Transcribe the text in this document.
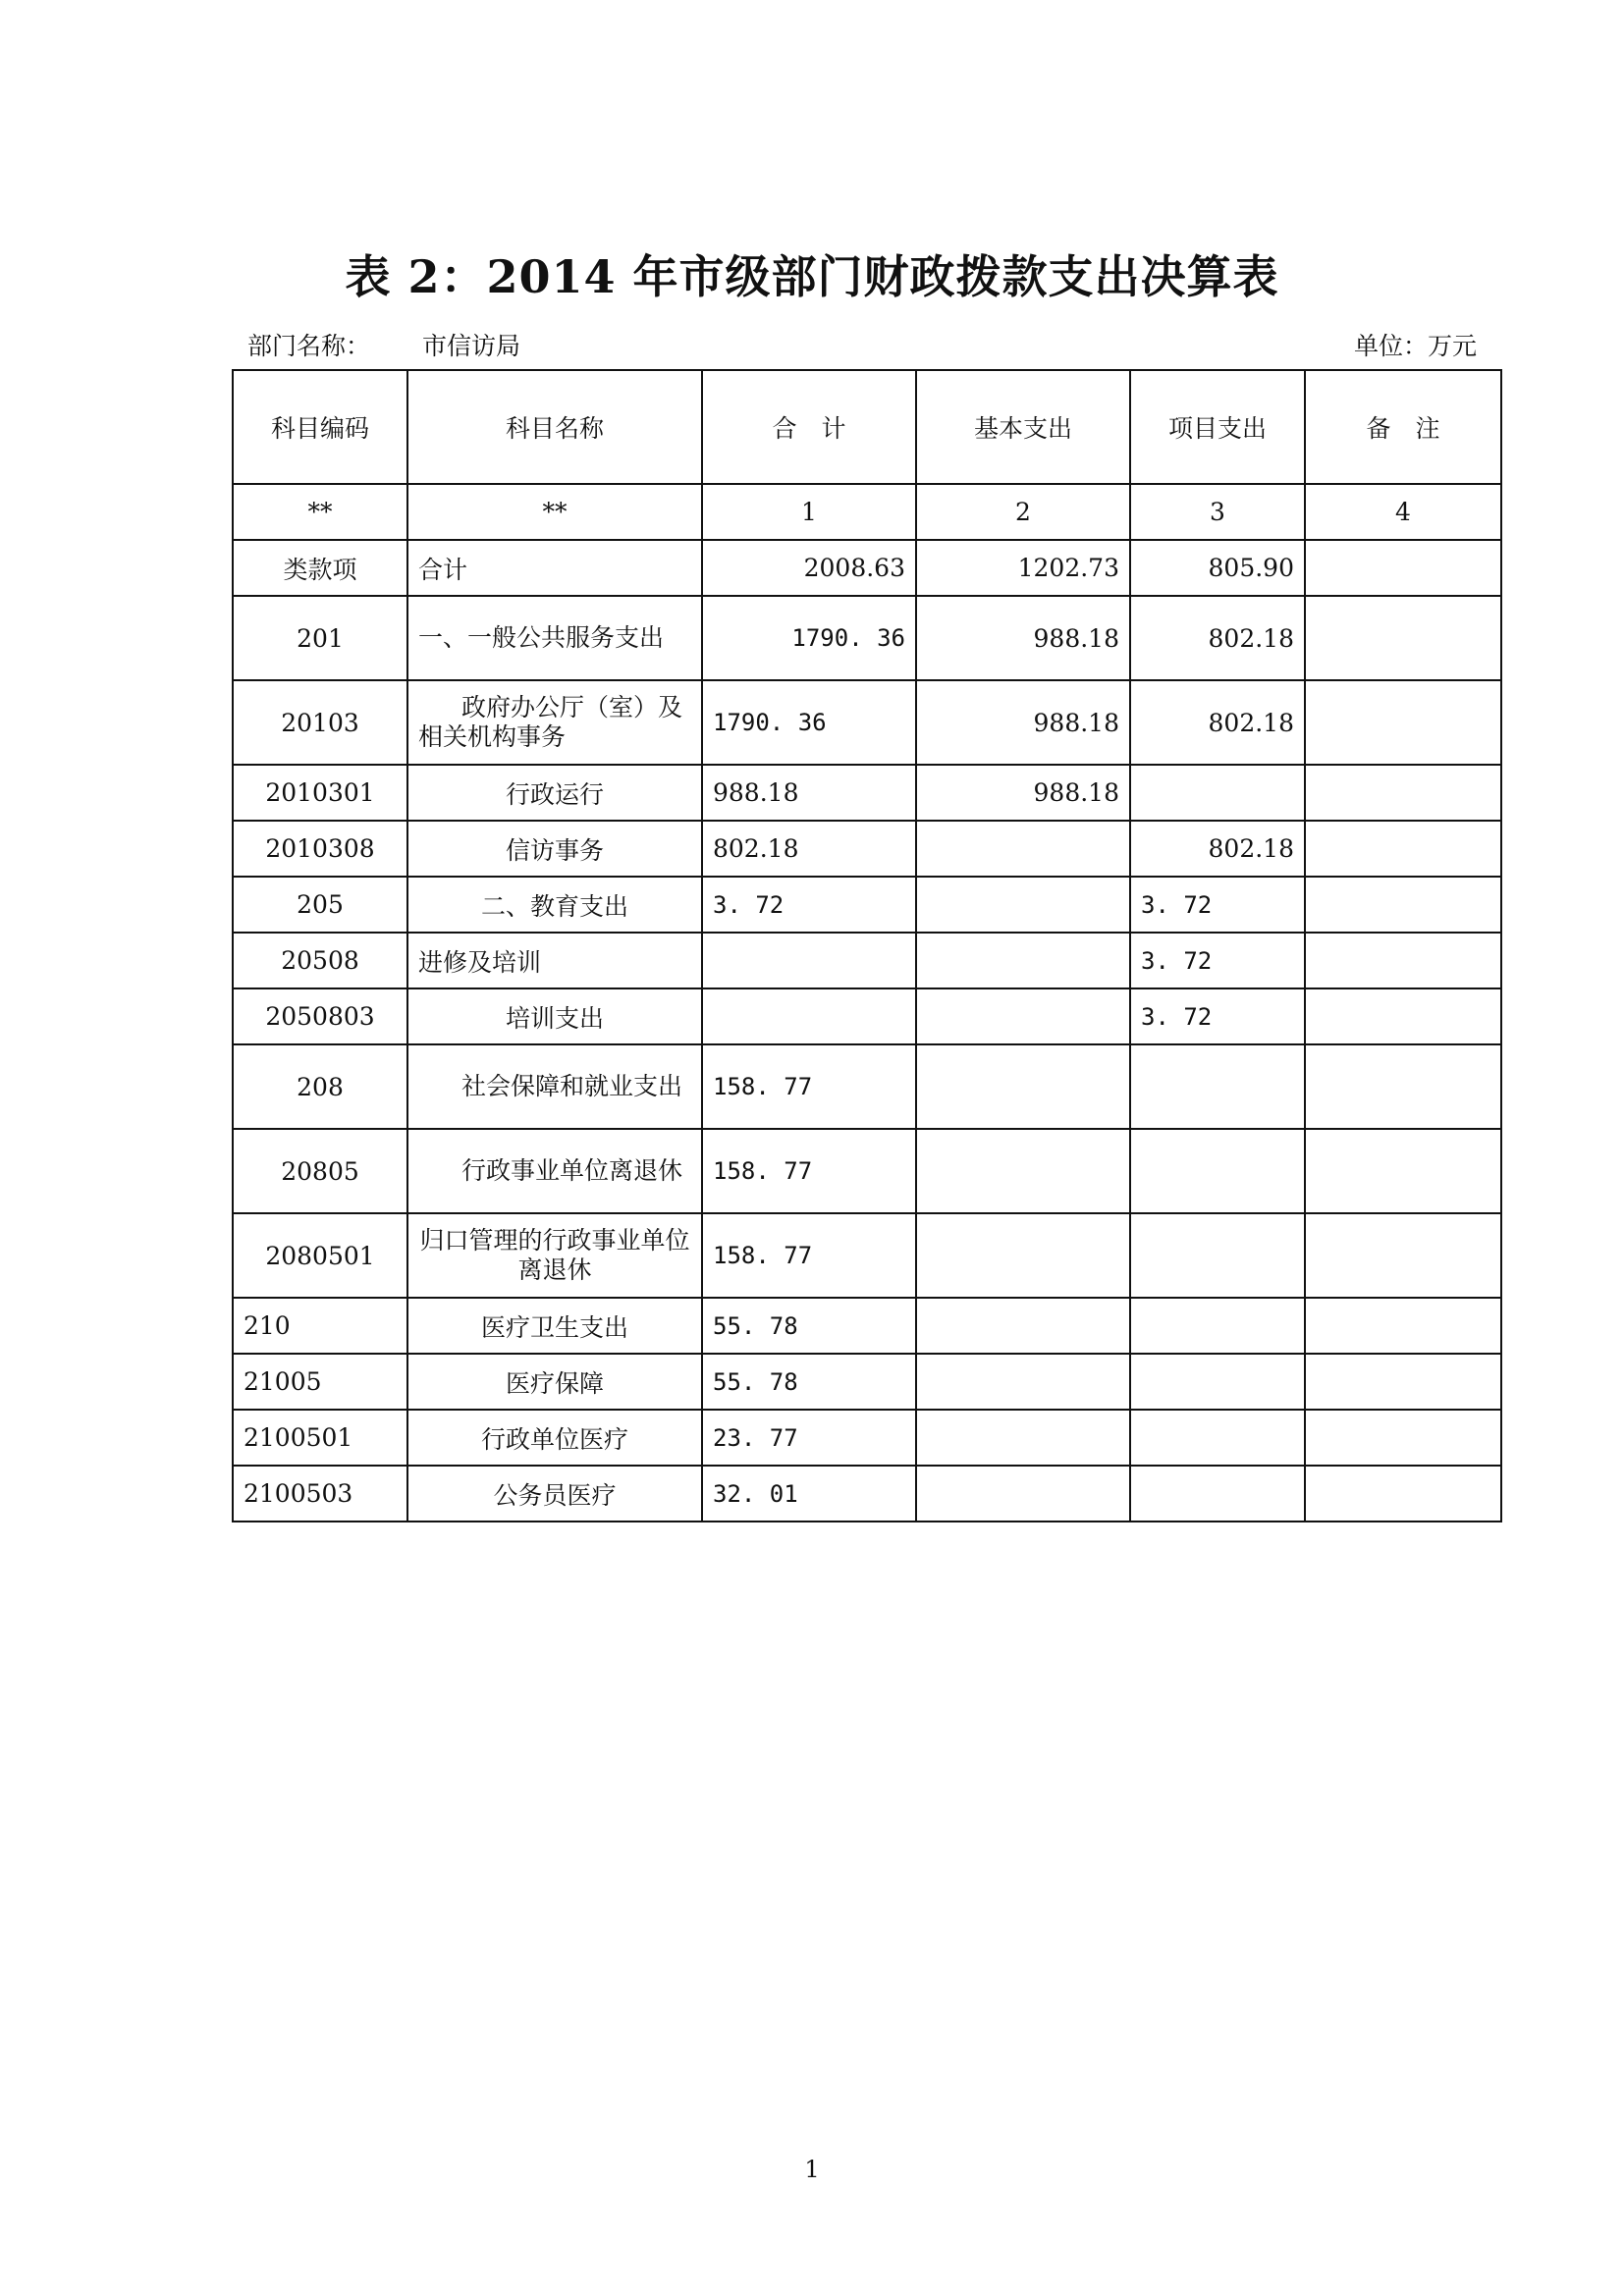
表 2：2014 年市级部门财政拨款支出决算表
部门名称： 市信访局	单位：万元
科目编码	科目名称	合　计	基本支出	项目支出	备　注
**	**	1	2	3	4
类款项	合计	2008.63	1202.73	805.90	
201	一、一般公共服务支出	1790. 36	988.18	802.18	
20103	政府办公厅（室）及相关机构事务	1790. 36	988.18	802.18	
2010301	行政运行	988.18	988.18		
2010308	信访事务	802.18		802.18	
205	二、教育支出	3. 72		3. 72	
20508	进修及培训			3. 72	
2050803	培训支出			3. 72	
208	社会保障和就业支出	158. 77			
20805	行政事业单位离退休	158. 77			
2080501	归口管理的行政事业单位离退休	158. 77			
210	医疗卫生支出	55. 78			
21005	医疗保障	55. 78			
2100501	行政单位医疗	23. 77			
2100503	公务员医疗	32. 01			
1
